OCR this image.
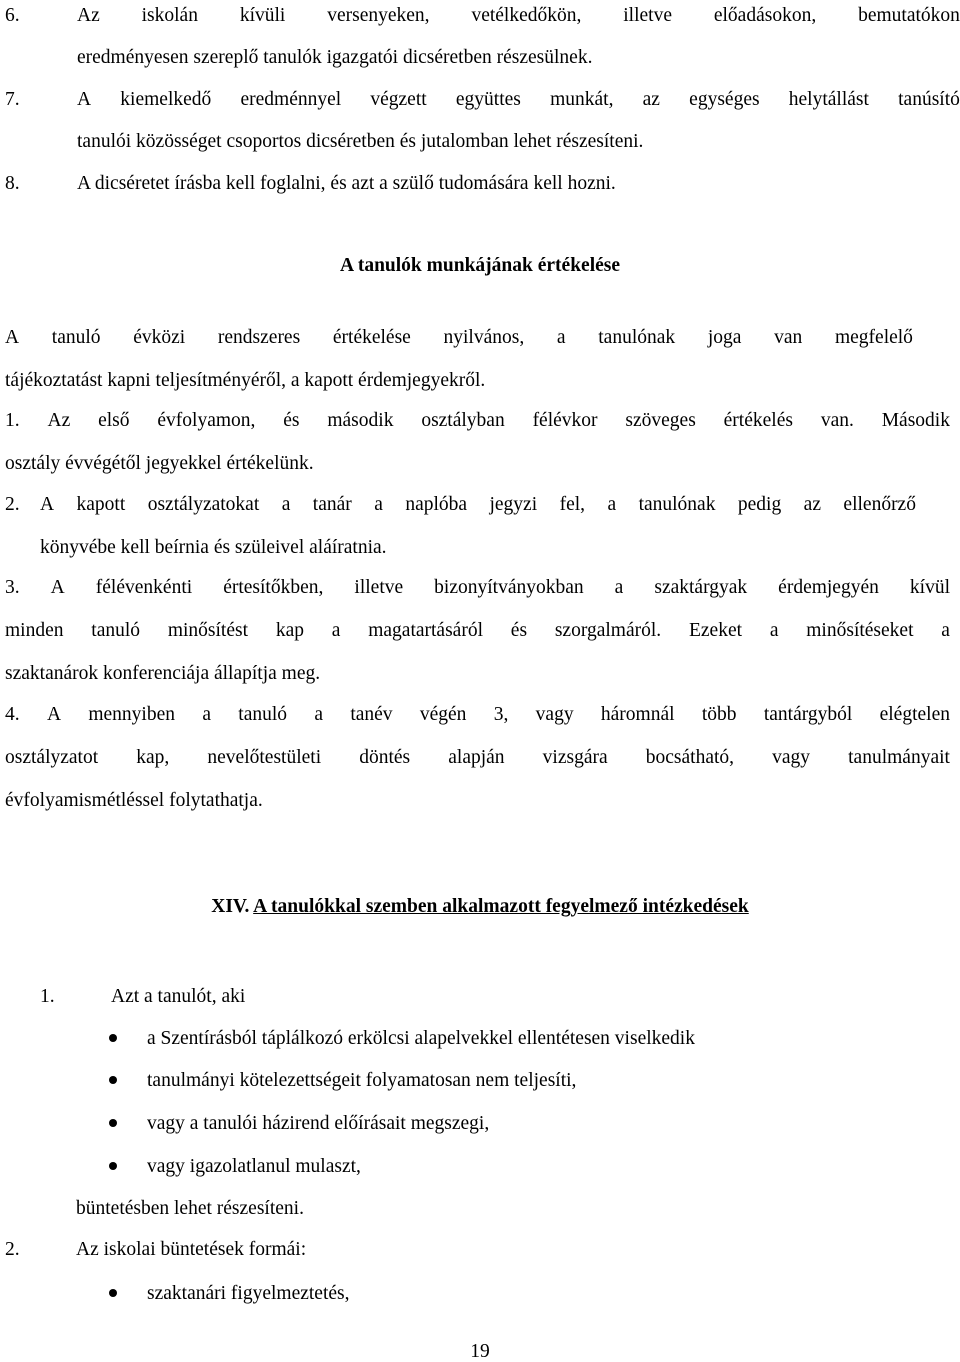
6.	Az iskolán kívüli versenyeken, vetélkedőkön, illetve előadásokon, bemutatókon
eredményesen szereplő tanulók igazgatói dicséretben részesülnek.
7.	A kiemelkedő eredménnyel végzett együttes munkát, az egységes helytállást tanúsító
tanulói közösséget csoportos dicséretben és jutalomban lehet részesíteni.
8.	A dicséretet írásba kell foglalni, és azt a szülő tudomására kell hozni.
A tanulók munkájának értékelése
A tanuló évközi rendszeres értékelése nyilvános, a tanulónak joga van megfelelő
tájékoztatást kapni teljesítményéről, a kapott érdemjegyekről.
1. Az első évfolyamon, és második osztályban félévkor szöveges értékelés van. Második
osztály évvégétől jegyekkel értékelünk.
2. A kapott osztályzatokat a tanár a naplóba jegyzi fel, a tanulónak pedig az ellenőrző
könyvébe kell beírnia és szüleivel aláíratnia.
3. A félévenkénti értesítőkben, illetve bizonyítványokban a szaktárgyak érdemjegyén kívül
minden tanuló minősítést kap a magatartásáról és szorgalmáról. Ezeket a minősítéseket a
szaktanárok konferenciája állapítja meg.
4. A mennyiben a tanuló a tanév végén 3, vagy háromnál több tantárgyból elégtelen
osztályzatot kap, nevelőtestületi döntés alapján vizsgára bocsátható, vagy tanulmányait
évfolyamismétléssel folytathatja.
XIV. A tanulókkal szemben alkalmazott fegyelmező intézkedések
1.	Azt a tanulót, aki
a Szentírásból táplálkozó erkölcsi alapelvekkel ellentétesen viselkedik
tanulmányi kötelezettségeit folyamatosan nem teljesíti,
vagy a tanulói házirend előírásait megszegi,
vagy igazolatlanul mulaszt,
büntetésben lehet részesíteni.
2.	Az iskolai büntetések formái:
szaktanári figyelmeztetés,
19
